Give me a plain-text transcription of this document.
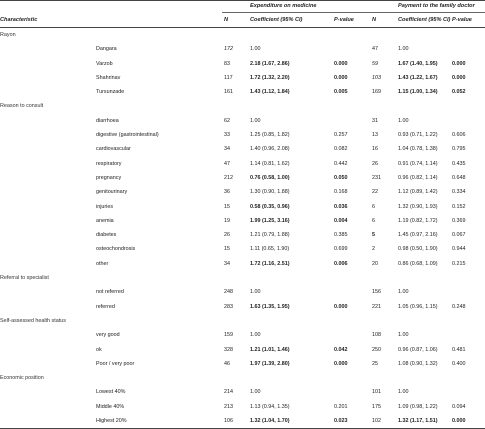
			Expenditure on medicine			Payment to the family doctor	
Characteristic		N	Coefficient (95% CI)	P-value	N	Coefficient (95% CI)	P-value
Rayon							
	Dangara	172	1.00		47	1.00	
	Varzob	83	2.18 (1.67, 2.86)	0.000	59	1.67 (1.40, 1.95)	0.000
	Shahrinav	117	1.72 (1.32, 2.20)	0.000	103	1.43 (1.22, 1.67)	0.000
	Tursunzade	161	1.43 (1.12, 1.84)	0.005	169	1.15 (1.00, 1.34)	0.052
Reason to consult							
	diarrhoea	62	1.00		31	1.00	
	digestive (gastrointestinal)	33	1.25 (0.85, 1.82)	0.257	13	0.93 (0.71, 1.22)	0.606
	cardiovascular	34	1.40 (0.96, 2.08)	0.082	16	1.04 (0.78, 1.38)	0.795
	respiratory	47	1.14 (0.81, 1.62)	0.442	26	0.91 (0.74, 1.14)	0.435
	pregnancy	212	0.76 (0.58, 1.00)	0.050	231	0.96 (0.82, 1.14)	0.648
	genitourinary	36	1.30 (0.90, 1.88)	0.168	22	1.12 (0.89, 1.42)	0.334
	injuries	15	0.58 (0.35, 0.96)	0.036	6	1.32 (0.90, 1.93)	0.152
	anemia	19	1.99 (1.25, 3.16)	0.004	6	1.19 (0.82, 1.72)	0.369
	diabetes	26	1.21 (0.79, 1.88)	0.385	5	1.45 (0.97, 2.16)	0.067
	osteochondrosis	15	1.11 (0.65, 1.90)	0.699	2	0.98 (0.50, 1.90)	0.944
	other	34	1.72 (1.16, 2.51)	0.006	20	0.86 (0.68, 1.09)	0.215
Referral to specialist							
	not referred	248	1.00		156	1.00	
	referred	283	1.63 (1.35, 1.95)	0.000	221	1.05 (0.96, 1.15)	0.248
Self-assessed health status							
	very good	159	1.00		108	1.00	
	ok	328	1.21 (1.01, 1.46)	0.042	250	0.96 (0.87, 1.06)	0.481
	Poor / very poor	46	1.97 (1.39, 2.80)	0.000	25	1.08 (0.90, 1.32)	0.400
Economic position							
	Lowest 40%	214	1.00		101	1.00	
	Middle 40%	213	1.13 (0.94, 1.35)	0.201	175	1.09 (0.98, 1.22)	0.094
	Highest 20%	106	1.32 (1.04, 1.70)	0.023	102	1.32 (1.17, 1.51)	0.000
